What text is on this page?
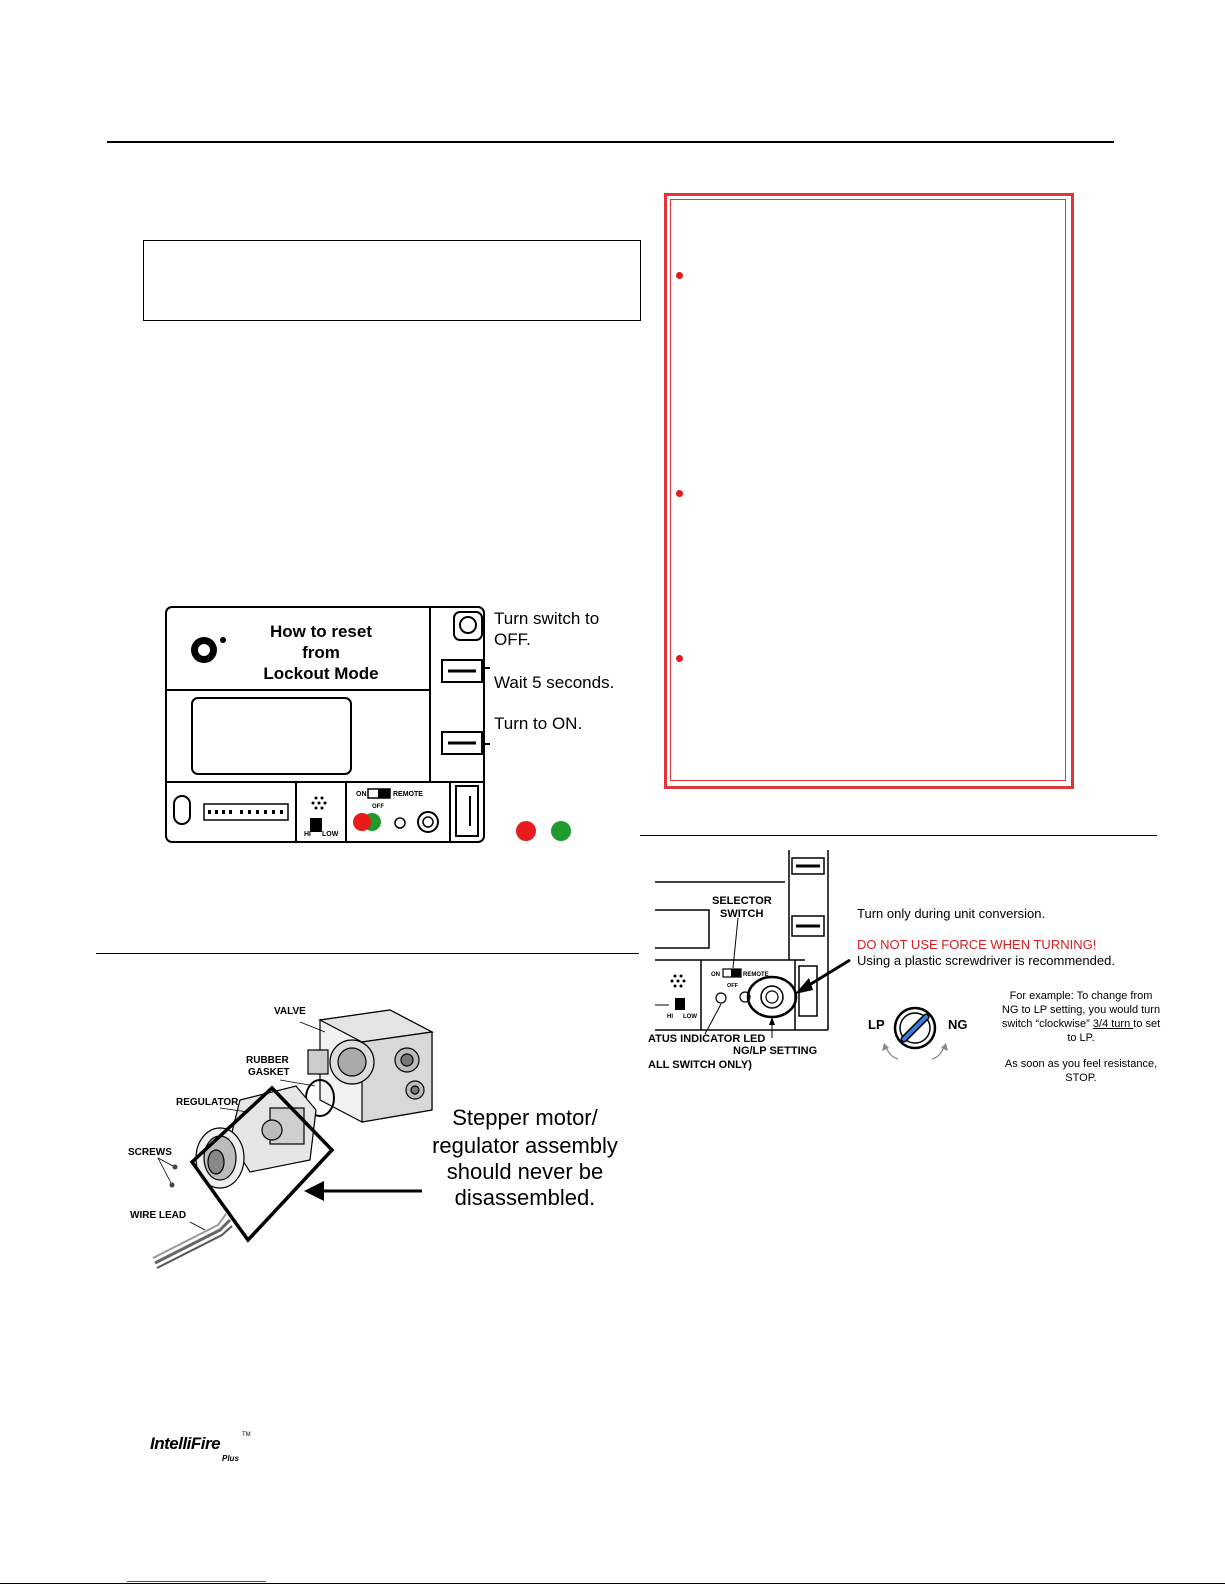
HI LOW
ON	REMOTE
OFF
How to reset
from
Lockout Mode
Turn switch to
OFF.
Wait 5 seconds.
Turn to ON.
HI LOW
ON	REMOTE
OFF
SELECTOR
SWITCH
ATUS INDICATOR LED
ALL SWITCH ONLY)
NG/LP SETTING
Turn only during unit conversion.
DO NOT USE FORCE WHEN TURNING!
Using a plastic screwdriver is recommended.
LP	NG
For example: To change from
NG to LP setting, you would turn
switch “clockwise” 3/4 turn to set
to LP.
As soon as you feel resistance,
STOP.
VALVE
RUBBER
GASKET
REGULATOR
SCREWS
WIRE LEAD
Stepper motor/
regulator assembly
should never be
disassembled.
IntelliFire	TM
Plus
